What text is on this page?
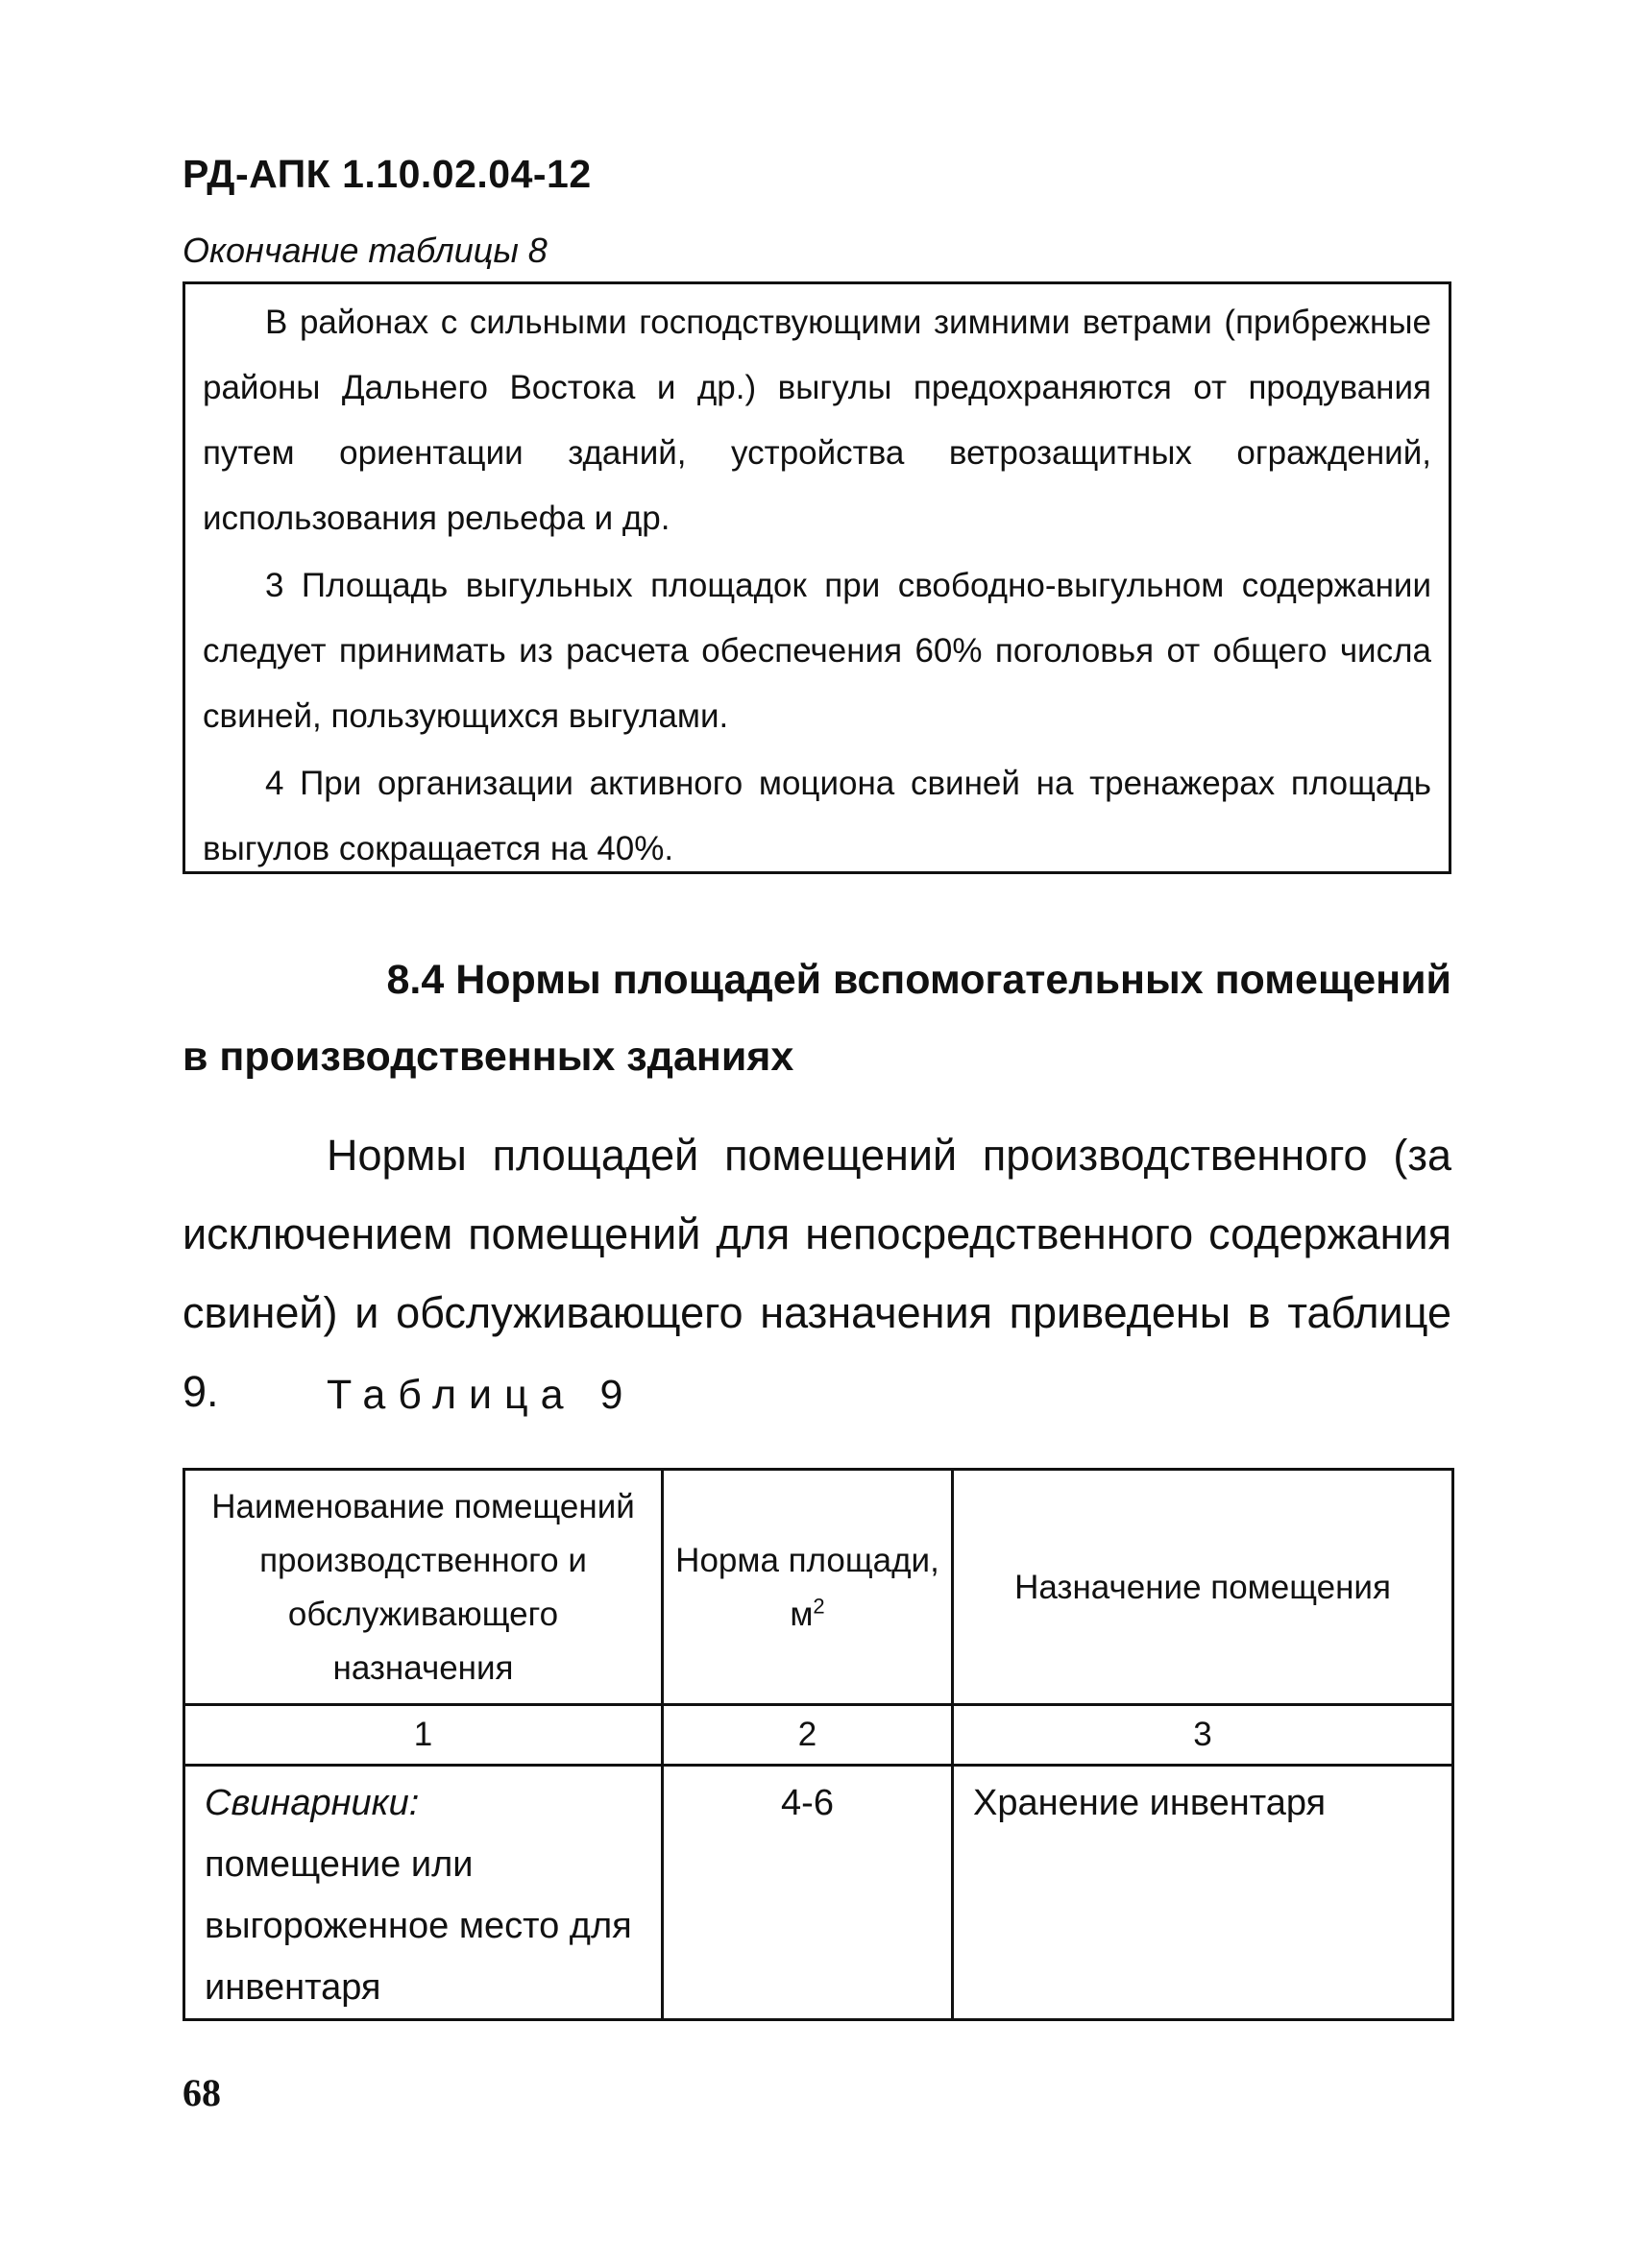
РД-АПК 1.10.02.04-12
Окончание таблицы 8

В районах с сильными господствующими зимними ветрами (прибрежные районы Дальнего Востока и др.) выгулы предохраняются от продувания путем ориентации зданий, устройства ветрозащитных ограждений, использования рельефа и др.

3 Площадь выгульных площадок при свободно-выгульном содержании следует принимать из расчета обеспечения 60% поголовья от общего числа свиней, пользующихся выгулами.

4 При организации активного моциона свиней на тренажерах площадь выгулов сокращается на 40%.

8.4 Нормы площадей вспомогательных помещений
в производственных зданиях

Нормы площадей помещений производственного (за исключением помещений для непосредственного содержания свиней) и обслуживающего назначения приведены в таблице 9.	Таблица 9
Наименование помещений производственного и обслуживающего назначения	Норма площади, $м^2$	Назначение помещения
1	2	3
Свинарники:
помещение или выгороженное место для инвентаря	4-6	Хранение инвентаря
68
